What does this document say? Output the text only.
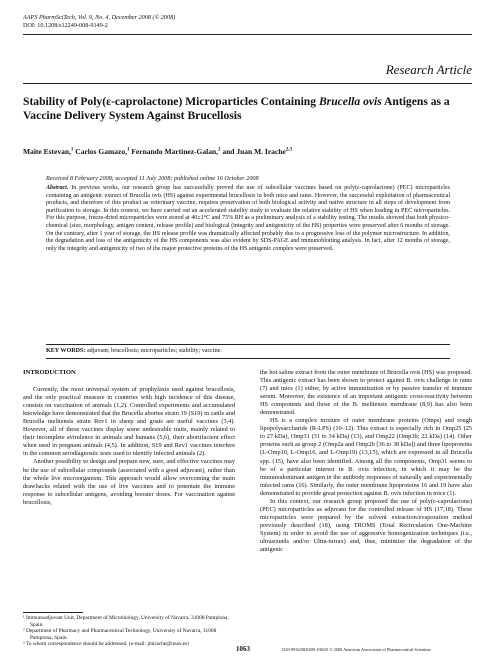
AAPS PharmSciTech, Vol. 9, No. 4, December 2008 (© 2008)
DOI: 10.1208/s12249-008-9149-2
Research Article
Stability of Poly(ε-caprolactone) Microparticles Containing Brucella ovis Antigens as a Vaccine Delivery System Against Brucellosis
Maite Estevan,$^1$ Carlos Gamazo,$^1$ Fernando Martínez-Galan,$^2$ and Juan M. Irache$^{2,3}$
Received 8 February 2008; accepted 11 July 2008; published online 16 October 2008
Abstract. In previous works, our research group has successfully proved the use of subcellular vaccines based on poly(ε-caprolactone) (PEC) microparticles containing an antigenic extract of Brucella ovis (HS) against experimental brucellosis in both mice and rams. However, the successful exploitation of pharmaceutical products, and therefore of this product as veterinary vaccine, requires preservation of both biological activity and native structure in all steps of development from purification to storage. In this context, we have carried out an accelerated stability study to evaluate the relative stability of HS when loading in PEC microparticles. For this purpose, freeze-dried microparticles were stored at 40±1°C and 75% RH as a preliminary analysis of a stability testing. The results showed that both physico-chemical (size, morphology, antigen content, release profile) and biological (integrity and antigenicity of the HS) properties were preserved after 6 months of storage. On the contrary, after 1 year of storage, the HS release profile was dramatically affected probably due to a progressive loss of the polymer microstructure. In addition, the degradation and loss of the antigenicity of the HS components was also evident by SDS-PAGE and immunoblotting analysis. In fact, after 12 months of storage, only the integrity and antigenicity of two of the major protective proteins of the HS antigenic complex were preserved.
KEY WORDS: adjuvant; brucellosis; microparticles; stability; vaccine.
INTRODUCTION

Currently, the most universal system of prophylaxis used against brucellosis, and the only practical measure in countries with high incidence of this disease, consists on vaccination of animals (1,2). Controlled experiments and accumulated knowledge have demonstrated that the Brucella abortus strain 19 (S19) in cattle and Brucella melitensis strain Rev1 in sheep and goats are useful vaccines (3,4). However, all of these vaccines display some undesirable traits, mainly related to their incomplete avirulence in animals and humans (5,6), their abortifacient effect when used in pregnant animals (4,5). In addition, S19 and Rev1 vaccines interfere in the common serodiagnostic tests used to identify infected animals (2).

Another possibility to design and prepare new, sure, and effective vaccines may be the use of subcellular compounds (associated with a good adjuvant), rather than the whole live microorganism. This approach would allow overcoming the main drawbacks related with the use of live vaccines and to potentate the immune response to subcellular antigens, avoiding booster doses. For vaccination against brucellosis,

the hot saline extract from the outer membrane of Brucella ovis (HS) was proposed. This antigenic extract has been shown to protect against B. ovis challenge in rams (7) and mice (1) either, by active immunization or by passive transfer of immune serum. Moreover, the existence of an important antigenic cross-reactivity between HS components and those of the B. melitensis membrane (8,9) has also been demonstrated.

HS is a complex mixture of outer membrane proteins (Omps) and rough lipopolysaccharide (R-LPS) (10–12). This extract is especially rich in Omp25 (25 to 27 kDa), Omp31 (31 to 34 kDa) (13), and Omp22 (Omp3b; 22 kDa) (14). Other proteins such as group 2 (Omp2a and Omp2b [36 to 38 kDa]) and three lipoproteins (L-Omp10, L-Omp16, and L-Omp19) (13,15), which are expressed in all Brucella spp. (15), have also been identified. Among all the components, Omp31 seems to be of a particular interest in B. ovis infection, in which it may be the immunodominant antigen in the antibody responses of naturally and experimentally infected rams (16). Similarly, the outer membrane lipoproteins 16 and 19 have also demonstrated to provide great protection against B. ovis infection in mice (1).

In this context, our research group proposed the use of poly(ε-caprolactone) (PEC) microparticles as adjuvant for the controlled release of HS (17,18). These microparticles were prepared by the solvent extraction/evaporation method previously described (18), using TROMS (Total Recirculation One-Machine System) in order to avoid the use of aggressive homogenization techniques (i.e., ultrasounds and/or Ultra-turrax) and, thus, minimize the degradation of the antigenic

¹ Immunoadjuvant Unit, Department of Microbiology, University of Navarra, 31008 Pamplona, Spain.
² Department of Pharmacy and Pharmaceutical Technology, University of Navarra, 31008 Pamplona, Spain.
³ To whom correspondence should be addressed. (e-mail: jmirache@unav.es)
1063	1530-9932/08/0400-1063/0 © 2008 American Association of Pharmaceutical Scientists
